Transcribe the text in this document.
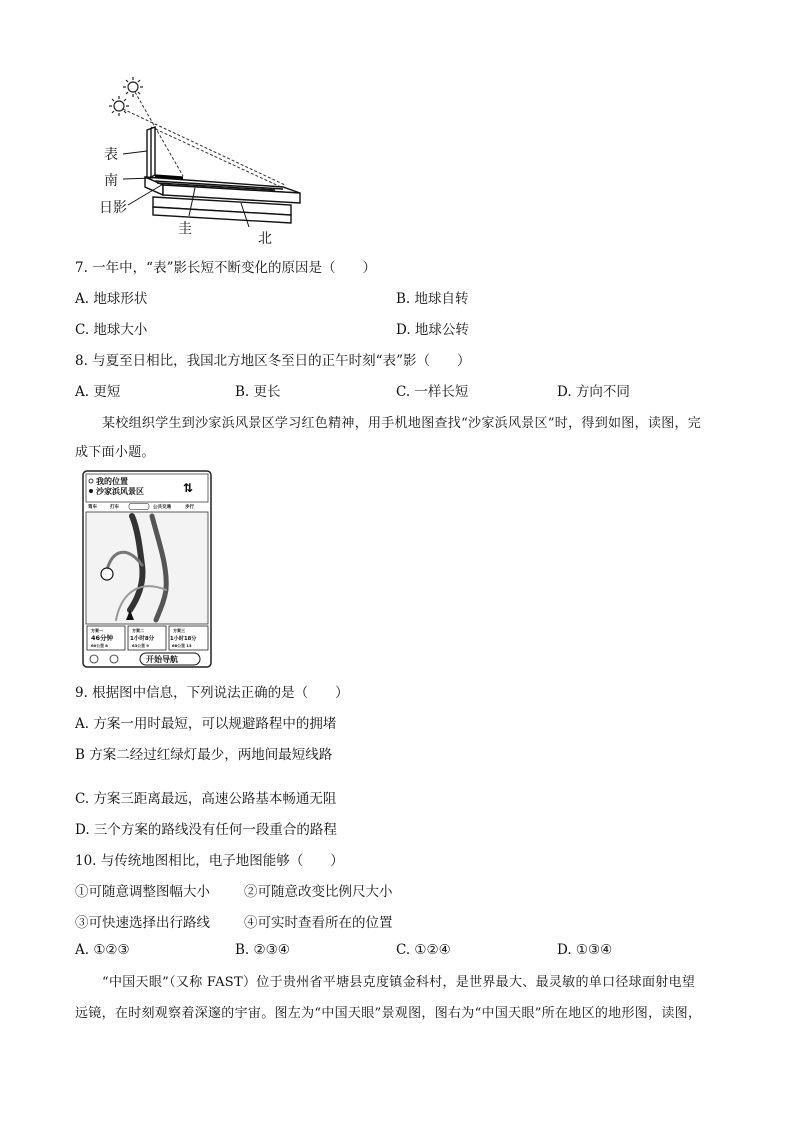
表
南
日影
圭
北
7. 一年中，“表”影长短不断变化的原因是（　　）
A. 地球形状	B. 地球自转
C. 地球大小	D. 地球公转
8. 与夏至日相比，我国北方地区冬至日的正午时刻“表”影（　　）
A. 更短	B. 更长	C. 一样长短	D. 方向不同
某校组织学生到沙家浜风景区学习红色精神，用手机地图查找“沙家浜风景区”时，得到如图，读图，完
成下面小题。
我的位置
沙家浜风景区	⇅
驾车	打车	公共交通	步行
方案一
46分钟
60公里 8
方案二
1小时8分
63公里 9
方案三
1小时18分
68公里 13
开始导航
9. 根据图中信息，下列说法正确的是（　　）
A. 方案一用时最短，可以规避路程中的拥堵
B 方案二经过红绿灯最少，两地间最短线路
C. 方案三距离最远，高速公路基本畅通无阻
D. 三个方案的路线没有任何一段重合的路程
10. 与传统地图相比，电子地图能够（　　）
①可随意调整图幅大小	②可随意改变比例尺大小
③可快速选择出行路线	④可实时查看所在的位置
A. ①②③	B. ②③④	C. ①②④	D. ①③④
“中国天眼”（又称 FAST）位于贵州省平塘县克度镇金科村，是世界最大、最灵敏的单口径球面射电望
远镜，在时刻观察着深邃的宇宙。图左为“中国天眼”景观图，图右为“中国天眼”所在地区的地形图，读图，
